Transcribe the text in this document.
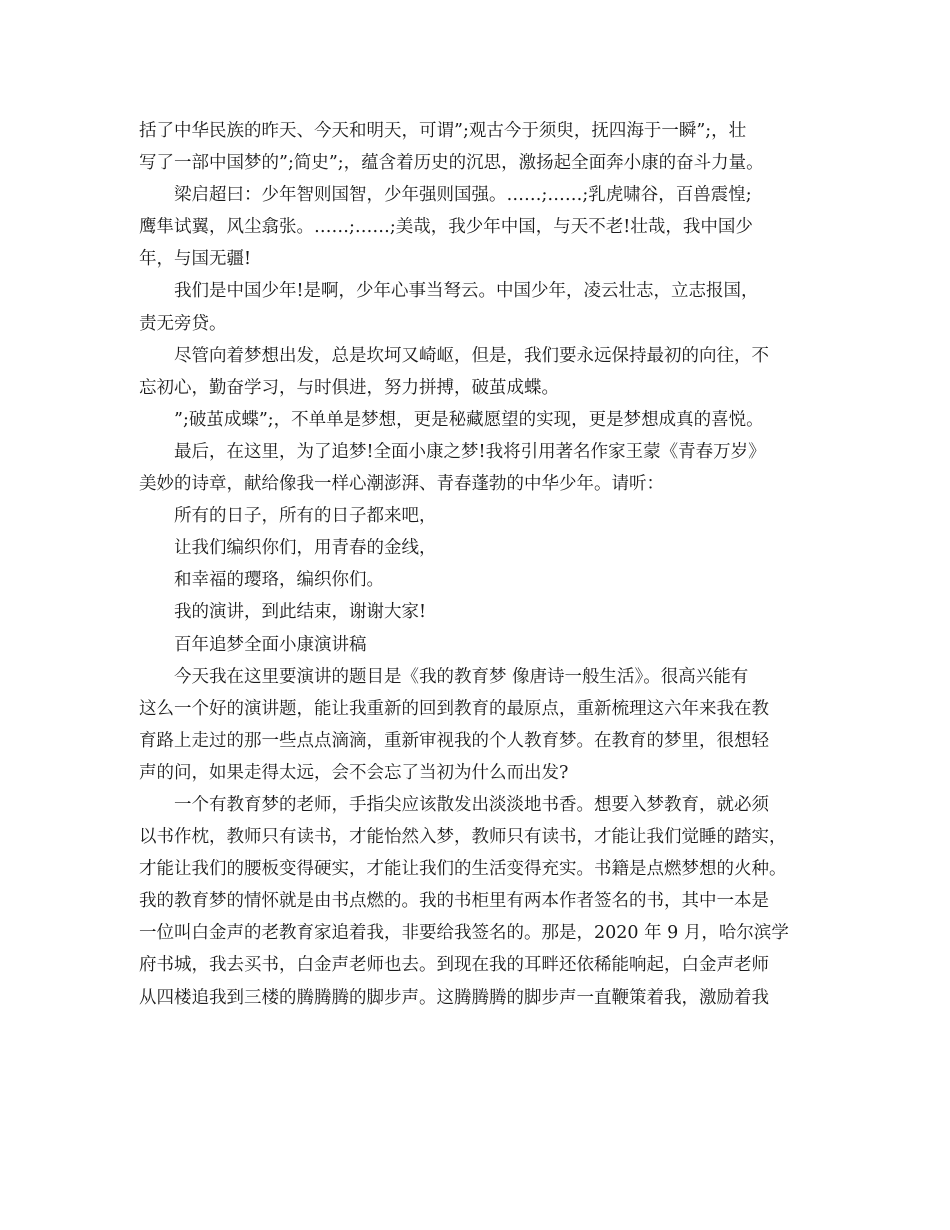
括了中华民族的昨天、今天和明天，可谓”;观古今于须臾，抚四海于一瞬”;，壮
写了一部中国梦的”;简史”;，蕴含着历史的沉思，激扬起全面奔小康的奋斗力量。
梁启超曰：少年智则国智，少年强则国强。……;……;乳虎啸谷，百兽震惶;
鹰隼试翼，风尘翕张。……;……;美哉，我少年中国，与天不老!壮哉，我中国少
年，与国无疆!
我们是中国少年!是啊，少年心事当弩云。中国少年，凌云壮志，立志报国，
责无旁贷。
尽管向着梦想出发，总是坎坷又崎岖，但是，我们要永远保持最初的向往，不
忘初心，勤奋学习，与时俱进，努力拼搏，破茧成蝶。
”;破茧成蝶”;，不单单是梦想，更是秘藏愿望的实现，更是梦想成真的喜悦。
最后，在这里，为了追梦!全面小康之梦!我将引用著名作家王蒙《青春万岁》
美妙的诗章，献给像我一样心潮澎湃、青春蓬勃的中华少年。请听：
所有的日子，所有的日子都来吧，
让我们编织你们，用青春的金线，
和幸福的璎珞，编织你们。
我的演讲，到此结束，谢谢大家!
百年追梦全面小康演讲稿
今天我在这里要演讲的题目是《我的教育梦 像唐诗一般生活》。很高兴能有
这么一个好的演讲题，能让我重新的回到教育的最原点，重新梳理这六年来我在教
育路上走过的那一些点点滴滴，重新审视我的个人教育梦。在教育的梦里，很想轻
声的问，如果走得太远，会不会忘了当初为什么而出发?
一个有教育梦的老师，手指尖应该散发出淡淡地书香。想要入梦教育，就必须
以书作枕，教师只有读书，才能怡然入梦，教师只有读书，才能让我们觉睡的踏实，
才能让我们的腰板变得硬实，才能让我们的生活变得充实。书籍是点燃梦想的火种。
我的教育梦的情怀就是由书点燃的。我的书柜里有两本作者签名的书，其中一本是
一位叫白金声的老教育家追着我，非要给我签名的。那是，2020 年 9 月，哈尔滨学
府书城，我去买书，白金声老师也去。到现在我的耳畔还依稀能响起，白金声老师
从四楼追我到三楼的腾腾腾的脚步声。这腾腾腾的脚步声一直鞭策着我，激励着我
